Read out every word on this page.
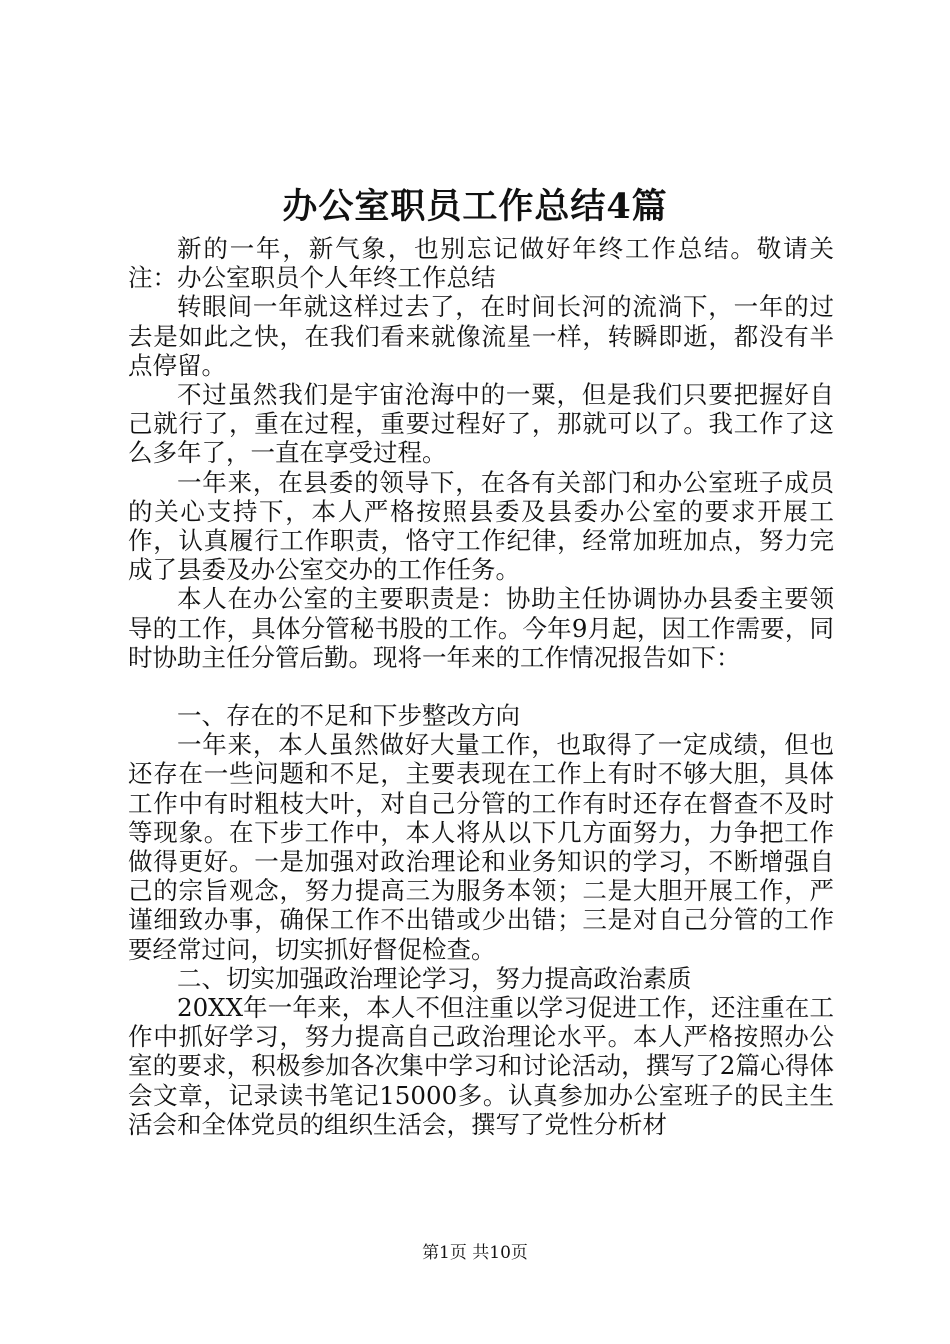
办公室职员工作总结4篇

新的一年，新气象，也别忘记做好年终工作总结。敬请关注：办公室职员个人年终工作总结

转眼间一年就这样过去了，在时间长河的流淌下，一年的过去是如此之快，在我们看来就像流星一样，转瞬即逝，都没有半点停留。

不过虽然我们是宇宙沧海中的一粟，但是我们只要把握好自己就行了，重在过程，重要过程好了，那就可以了。我工作了这么多年了，一直在享受过程。

一年来，在县委的领导下，在各有关部门和办公室班子成员的关心支持下，本人严格按照县委及县委办公室的要求开展工作，认真履行工作职责，恪守工作纪律，经常加班加点，努力完成了县委及办公室交办的工作任务。

本人在办公室的主要职责是：协助主任协调协办县委主要领导的工作，具体分管秘书股的工作。今年9月起，因工作需要，同时协助主任分管后勤。现将一年来的工作情况报告如下：

一、存在的不足和下步整改方向

一年来，本人虽然做好大量工作，也取得了一定成绩，但也还存在一些问题和不足，主要表现在工作上有时不够大胆，具体工作中有时粗枝大叶，对自己分管的工作有时还存在督查不及时等现象。在下步工作中，本人将从以下几方面努力，力争把工作做得更好。一是加强对政治理论和业务知识的学习，不断增强自己的宗旨观念，努力提高三为服务本领；二是大胆开展工作，严谨细致办事，确保工作不出错或少出错；三是对自己分管的工作要经常过问，切实抓好督促检查。

二、切实加强政治理论学习，努力提高政治素质

20XX年一年来，本人不但注重以学习促进工作，还注重在工作中抓好学习，努力提高自己政治理论水平。本人严格按照办公室的要求，积极参加各次集中学习和讨论活动，撰写了2篇心得体会文章，记录读书笔记15000多。认真参加办公室班子的民主生活会和全体党员的组织生活会，撰写了党性分析材

第1页 共10页
